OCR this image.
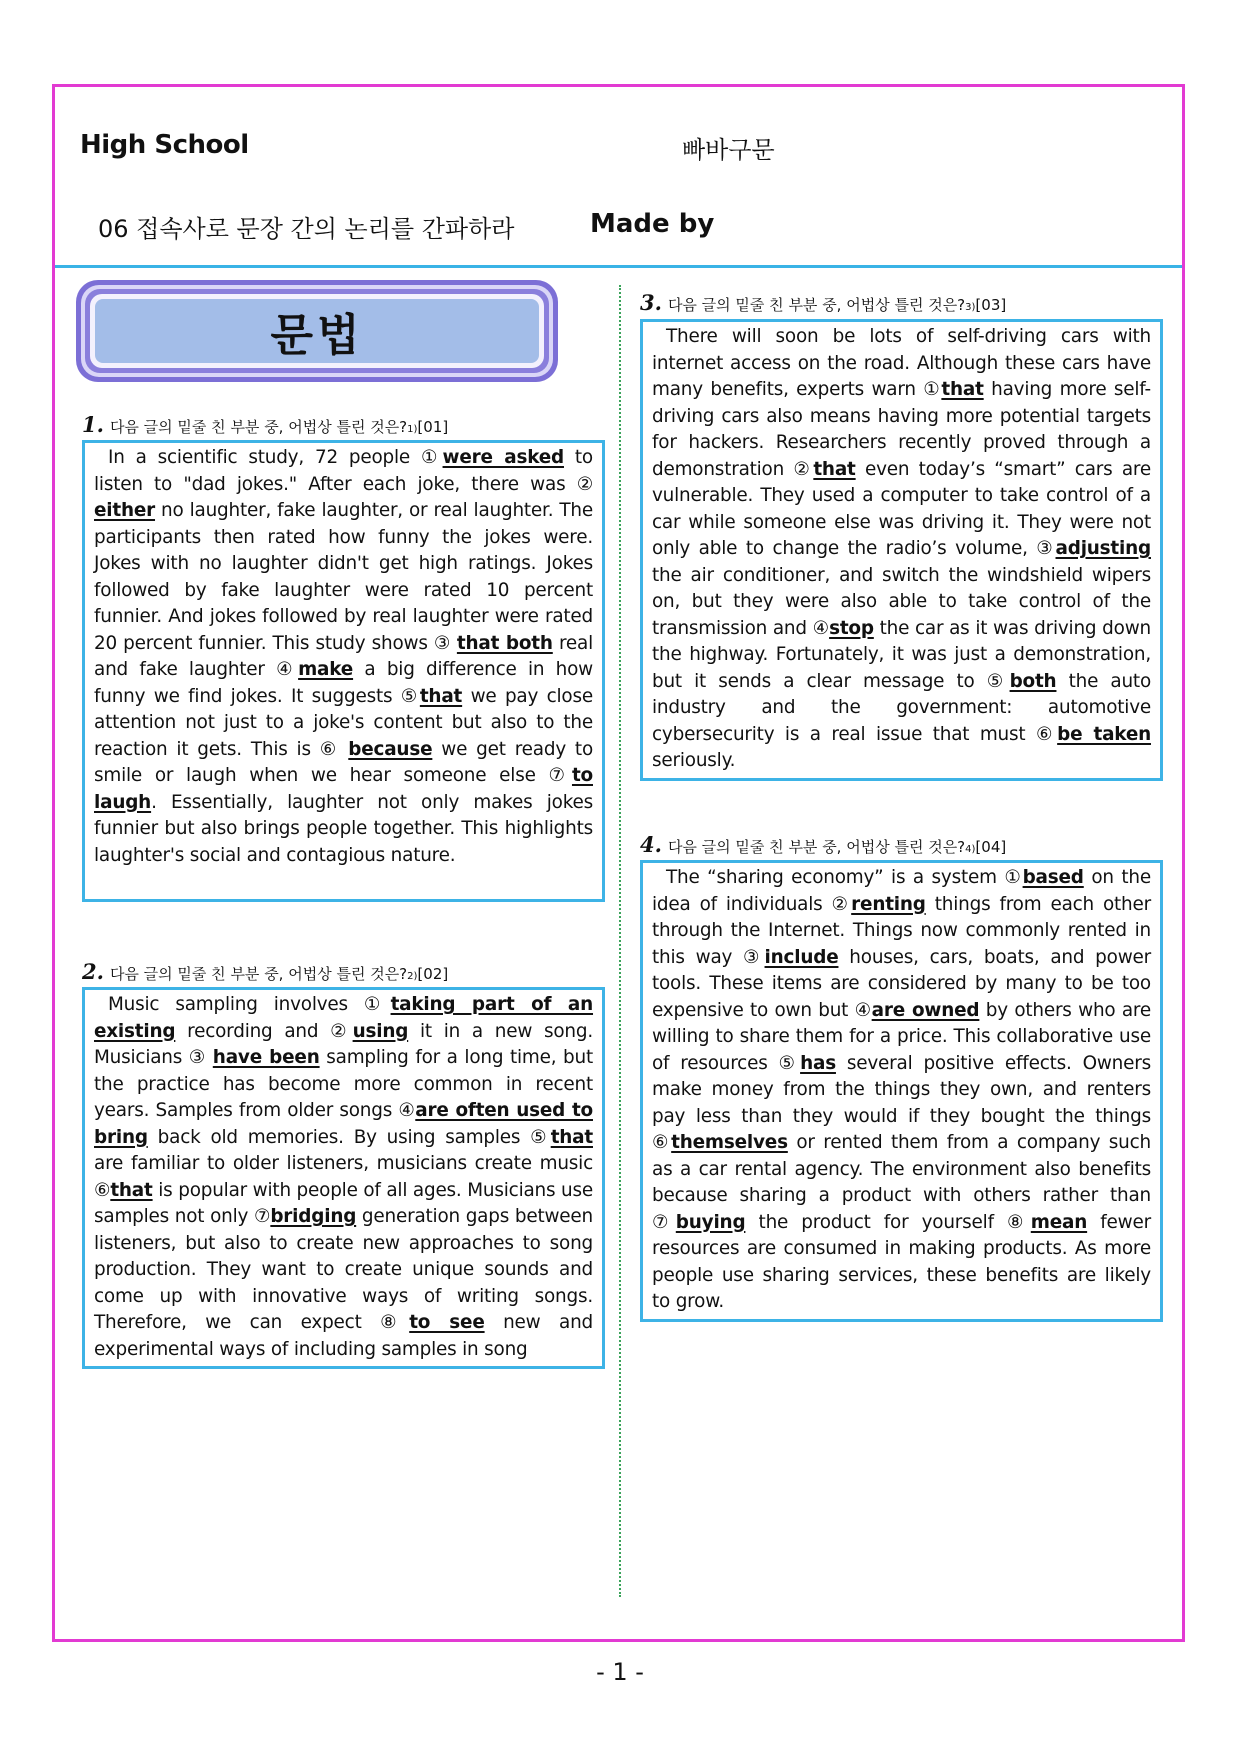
High School	빠바구문
06 접속사로 문장 간의 논리를 간파하라	Made by
문법
1. 다음 글의 밑줄 친 부분 중, 어법상 틀린 것은? 1) [01]

In a scientific study, 72 people ①were asked to listen to "dad jokes." After each joke, there was ② either no laughter, fake laughter, or real laughter. The participants then rated how funny the jokes were. Jokes with no laughter didn't get high ratings. Jokes followed by fake laughter were rated 10 percent funnier. And jokes followed by real laughter were rated 20 percent funnier. This study shows ③ that both real and fake laughter ④make a big difference in how funny we find jokes. It suggests ⑤that we pay close attention not just to a joke's content but also to the reaction it gets. This is ⑥ because we get ready to smile or laugh when we hear someone else ⑦to laugh. Essentially, laughter not only makes jokes funnier but also brings people together. This highlights laughter's social and contagious nature.

2. 다음 글의 밑줄 친 부분 중, 어법상 틀린 것은? 2) [02]

Music sampling involves ①taking part of an existing recording and ②using it in a new song. Musicians ③ have been sampling for a long time, but the practice has become more common in recent years. Samples from older songs ④are often used to bring back old memories. By using samples ⑤that are familiar to older listeners, musicians create music ⑥that is popular with people of all ages. Musicians use samples not only ⑦bridging generation gaps between listeners, but also to create new approaches to song production. They want to create unique sounds and come up with innovative ways of writing songs. Therefore, we can expect ⑧to see new and experimental ways of including samples in song

3. 다음 글의 밑줄 친 부분 중, 어법상 틀린 것은? 3) [03]

There will soon be lots of self-driving cars with internet access on the road. Although these cars have many benefits, experts warn ①that having more self-driving cars also means having more potential targets for hackers. Researchers recently proved through a demonstration ②that even today’s “smart” cars are vulnerable. They used a computer to take control of a car while someone else was driving it. They were not only able to change the radio’s volume, ③adjusting the air conditioner, and switch the windshield wipers on, but they were also able to take control of the transmission and ④stop the car as it was driving down the highway. Fortunately, it was just a demonstration, but it sends a clear message to ⑤both the auto industry and the government: automotive cybersecurity is a real issue that must ⑥be taken seriously.

4. 다음 글의 밑줄 친 부분 중, 어법상 틀린 것은? 4) [04]

The “sharing economy” is a system ①based on the idea of individuals ②renting things from each other through the Internet. Things now commonly rented in this way ③include houses, cars, boats, and power tools. These items are considered by many to be too expensive to own but ④are owned by others who are willing to share them for a price. This collaborative use of resources ⑤has several positive effects. Owners make money from the things they own, and renters pay less than they would if they bought the things ⑥themselves or rented them from a company such as a car rental agency. The environment also benefits because sharing a product with others rather than ⑦buying the product for yourself ⑧mean fewer resources are consumed in making products. As more people use sharing services, these benefits are likely to grow.

- 1 -
